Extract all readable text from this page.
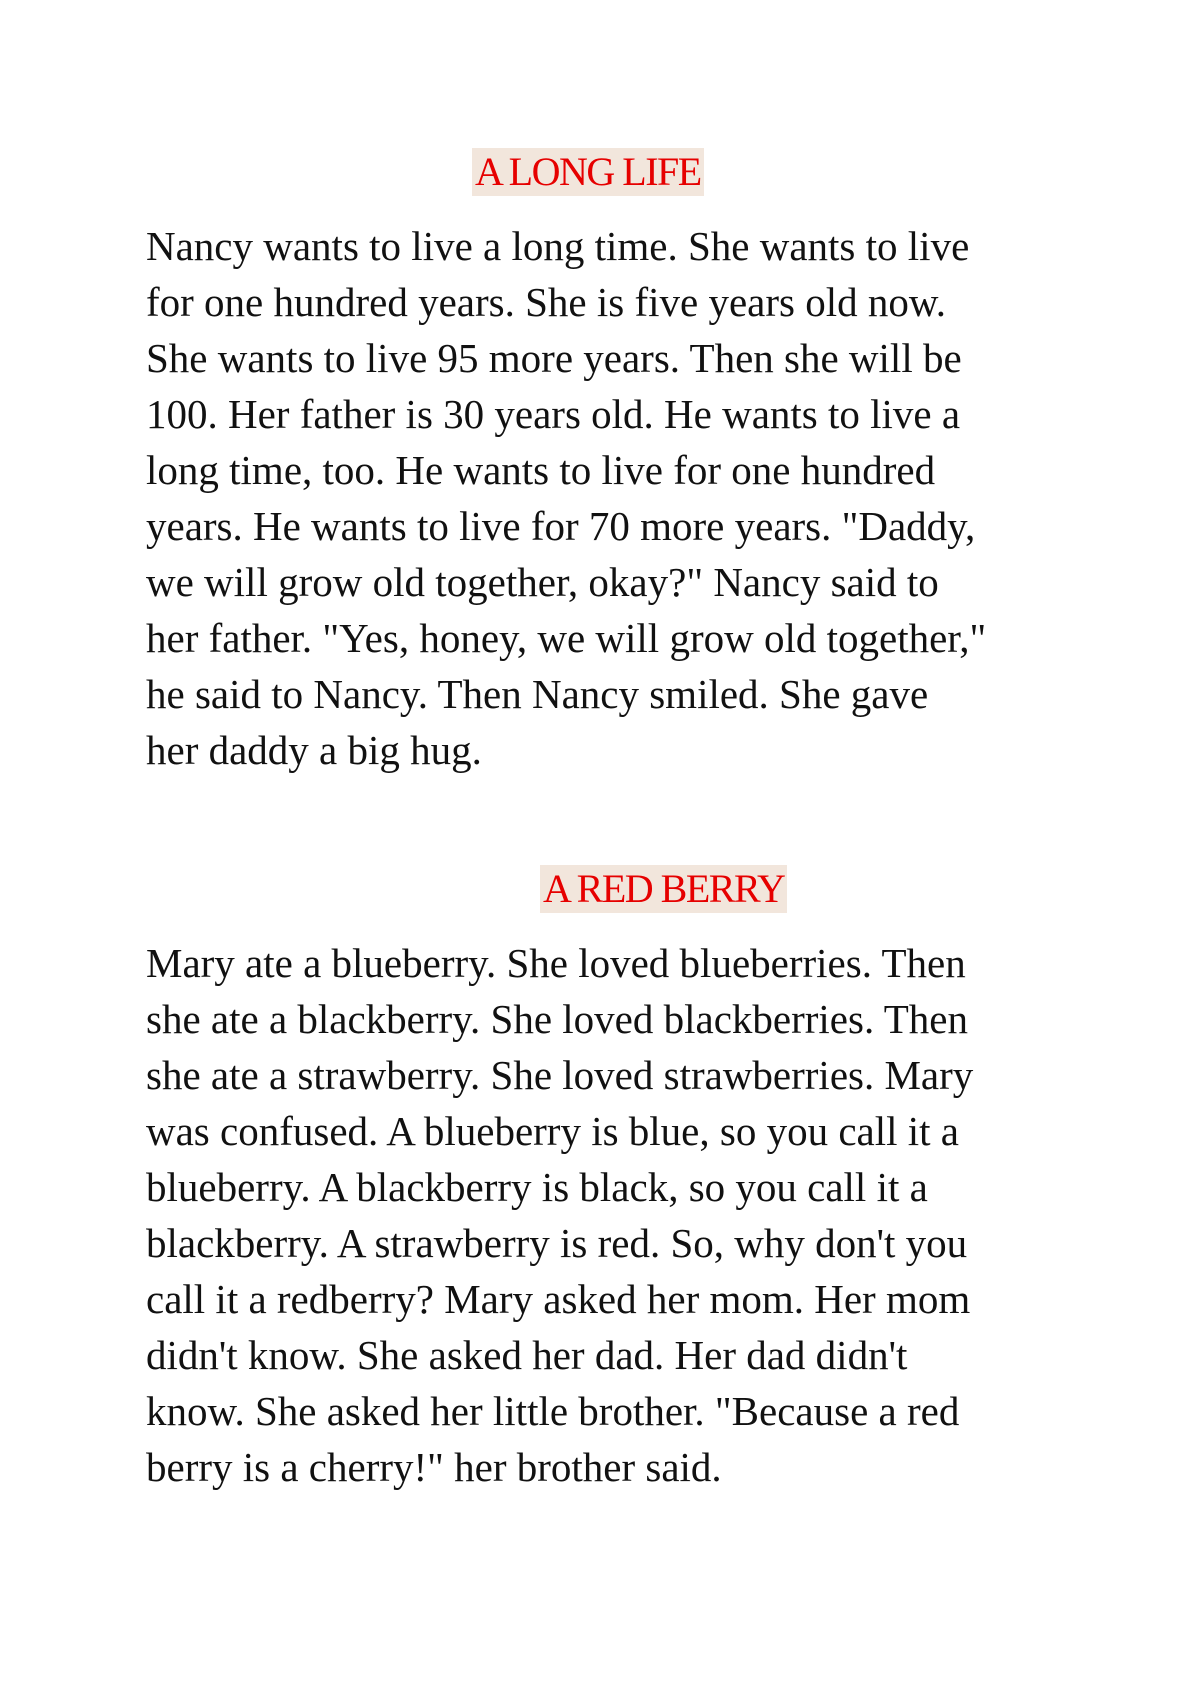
A LONG LIFE
Nancy wants to live a long time. She wants to live
for one hundred years. She is five years old now.
She wants to live 95 more years. Then she will be
100. Her father is 30 years old. He wants to live a
long time, too. He wants to live for one hundred
years. He wants to live for 70 more years. "Daddy,
we will grow old together, okay?" Nancy said to
her father. "Yes, honey, we will grow old together,"
he said to Nancy. Then Nancy smiled. She gave
her daddy a big hug.
A RED BERRY
Mary ate a blueberry. She loved blueberries. Then
she ate a blackberry. She loved blackberries. Then
she ate a strawberry. She loved strawberries. Mary
was confused. A blueberry is blue, so you call it a
blueberry. A blackberry is black, so you call it a
blackberry. A strawberry is red. So, why don't you
call it a redberry? Mary asked her mom. Her mom
didn't know. She asked her dad. Her dad didn't
know. She asked her little brother. "Because a red
berry is a cherry!" her brother said.
